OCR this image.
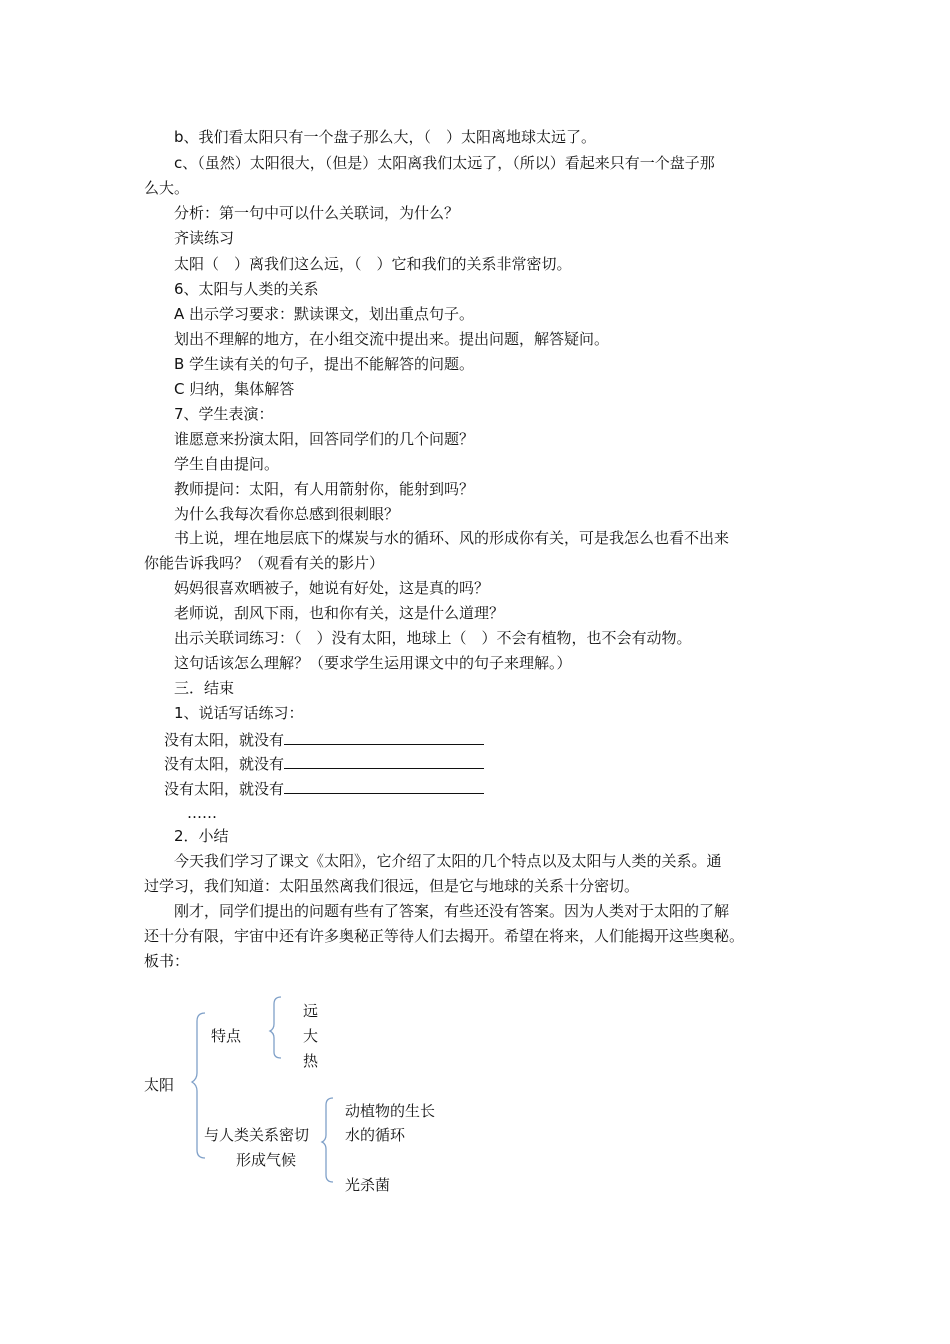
b、我们看太阳只有一个盘子那么大，（　）太阳离地球太远了。
c、（虽然）太阳很大，（但是）太阳离我们太远了，（所以）看起来只有一个盘子那
么大。
分析：第一句中可以什么关联词，为什么？
齐读练习
太阳（　）离我们这么远，（　）它和我们的关系非常密切。
6、太阳与人类的关系
A 出示学习要求：默读课文，划出重点句子。
划出不理解的地方，在小组交流中提出来。提出问题，解答疑问。
B 学生读有关的句子，提出不能解答的问题。
C 归纳，集体解答
7、学生表演：
谁愿意来扮演太阳，回答同学们的几个问题？
学生自由提问。
教师提问：太阳，有人用箭射你，能射到吗？
为什么我每次看你总感到很刺眼？
书上说，埋在地层底下的煤炭与水的循环、风的形成你有关，可是我怎么也看不出来
你能告诉我吗？（观看有关的影片）
妈妈很喜欢晒被子，她说有好处，这是真的吗？
老师说，刮风下雨，也和你有关，这是什么道理？
出示关联词练习：（　）没有太阳，地球上（　）不会有植物，也不会有动物。
这句话该怎么理解？（要求学生运用课文中的句子来理解。）
三．结束
1、说话写话练习：
没有太阳，就没有
没有太阳，就没有
没有太阳，就没有
……
2．小结
今天我们学习了课文《太阳》，它介绍了太阳的几个特点以及太阳与人类的关系。通
过学习，我们知道：太阳虽然离我们很远，但是它与地球的关系十分密切。
刚才，同学们提出的问题有些有了答案，有些还没有答案。因为人类对于太阳的了解
还十分有限，宇宙中还有许多奥秘正等待人们去揭开。希望在将来，人们能揭开这些奥秘。
板书：
太阳
特点
远
大
热
与人类关系密切
形成气候
动植物的生长
水的循环
光杀菌
